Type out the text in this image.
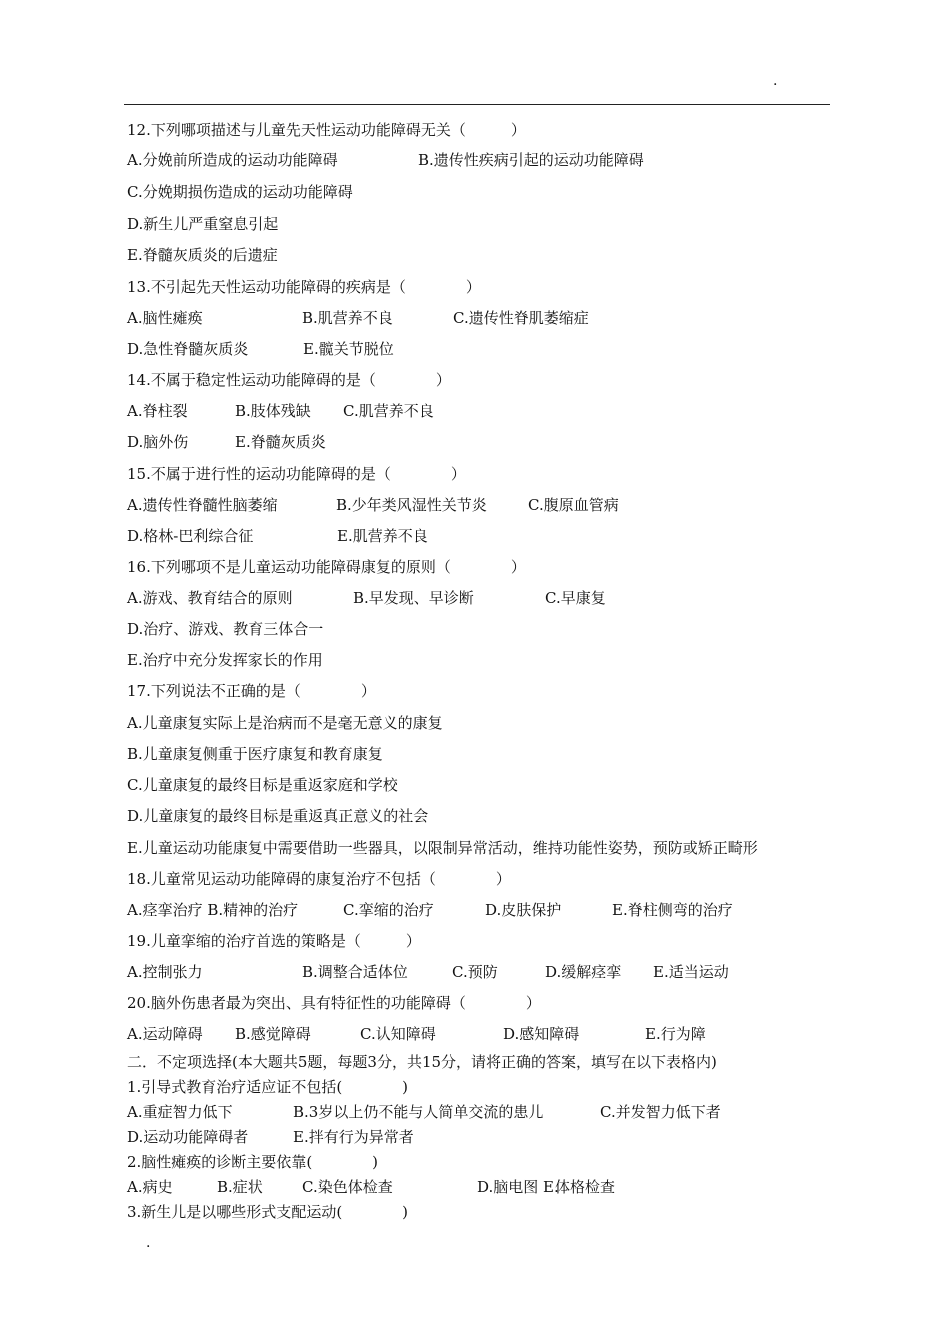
.
12.下列哪项描述与儿童先天性运动功能障碍无关（　　　）
A.分娩前所造成的运动功能障碍	B.遗传性疾病引起的运动功能障碍
C.分娩期损伤造成的运动功能障碍
D.新生儿严重窒息引起
E.脊髓灰质炎的后遗症
13.不引起先天性运动功能障碍的疾病是（　　　　）
A.脑性瘫痪	B.肌营养不良	C.遗传性脊肌萎缩症
D.急性脊髓灰质炎	E.髋关节脱位
14.不属于稳定性运动功能障碍的是（　　　　）
A.脊柱裂	B.肢体残缺 C.肌营养不良
D.脑外伤	E.脊髓灰质炎
15.不属于进行性的运动功能障碍的是（　　　　）
A.遗传性脊髓性脑萎缩	B.少年类风湿性关节炎	C.腹原血管病
D.格林-巴利综合征	E.肌营养不良
16.下列哪项不是儿童运动功能障碍康复的原则（　　　　）
A.游戏、教育结合的原则	B.早发现、早诊断	C.早康复
D.治疗、游戏、教育三体合一
E.治疗中充分发挥家长的作用
17.下列说法不正确的是（　　　　）
A.儿童康复实际上是治病而不是毫无意义的康复
B.儿童康复侧重于医疗康复和教育康复
C.儿童康复的最终目标是重返家庭和学校
D.儿童康复的最终目标是重返真正意义的社会
E.儿童运动功能康复中需要借助一些器具，以限制异常活动，维持功能性姿势，预防或矫正畸形
18.儿童常见运动功能障碍的康复治疗不包括（　　　　）
A.痉挛治疗 B.精神的治疗	C.挛缩的治疗	D.皮肤保护	E.脊柱侧弯的治疗
19.儿童挛缩的治疗首选的策略是（　　　）
A.控制张力	B.调整合适体位	C.预防	D.缓解痉挛 E.适当运动
20.脑外伤患者最为突出、具有特征性的功能障碍（　　　　）
A.运动障碍 B.感觉障碍	C.认知障碍	D.感知障碍	E.行为障
二．不定项选择(本大题共5题，每题3分，共15分，请将正确的答案，填写在以下表格内)
1.引导式教育治疗适应证不包括(　　　　)
A.重症智力低下	B.3岁以上仍不能与人简单交流的患儿	C.并发智力低下者
D.运动功能障碍者	E.拌有行为异常者
2.脑性瘫痪的诊断主要依靠(　　　　)
A.病史	B.症状	C.染色体检查	D.脑电图 E.
体格检查
3.新生儿是以哪些形式支配运动(　　　　)
.
